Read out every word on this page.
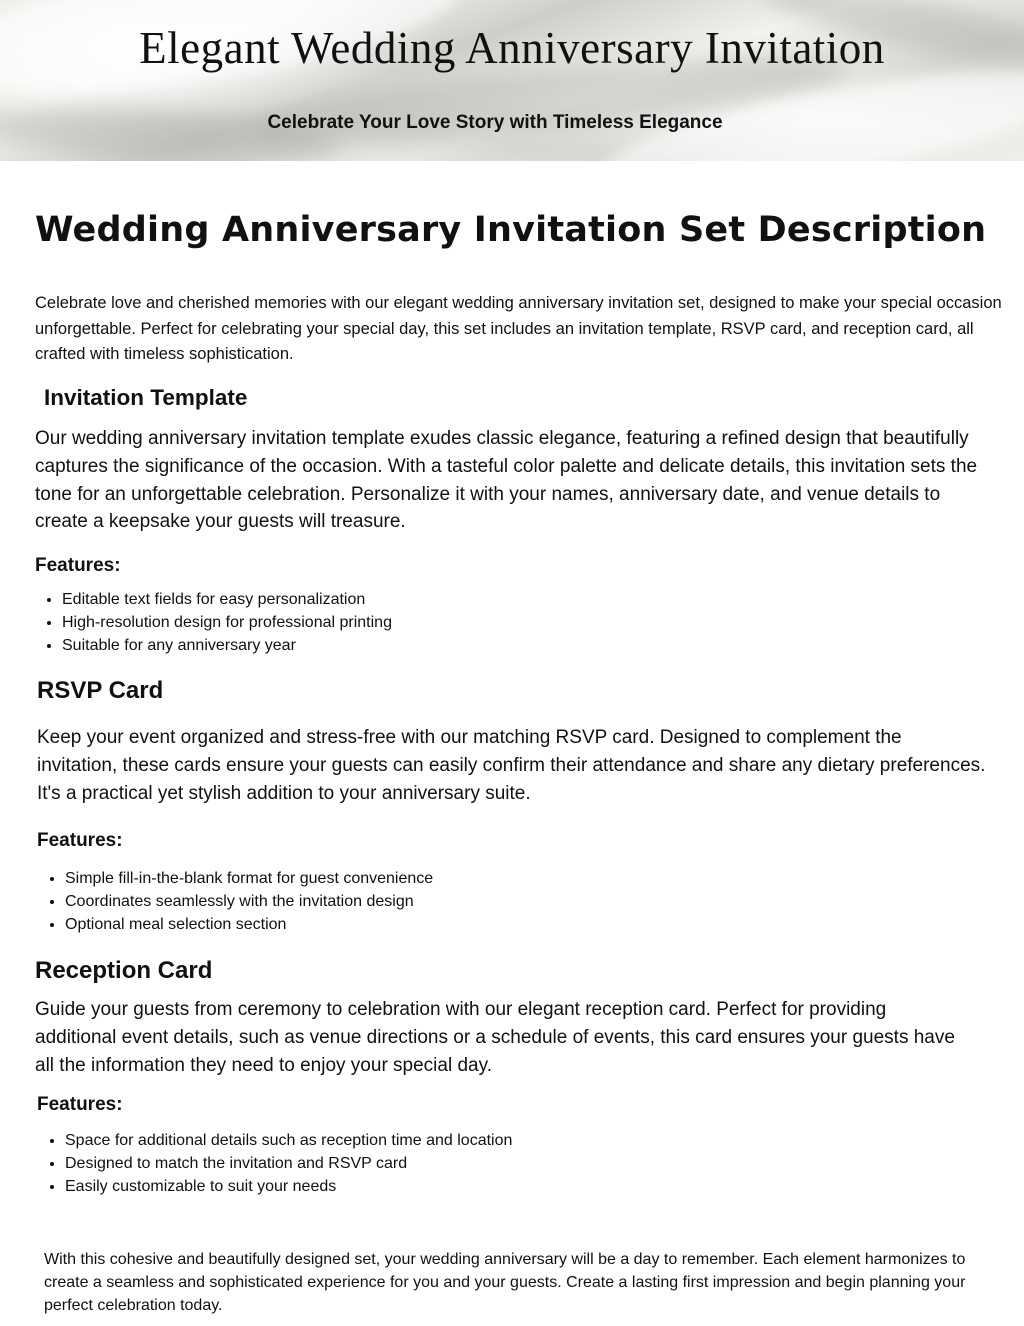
Elegant Wedding Anniversary Invitation

Celebrate Your Love Story with Timeless Elegance

Wedding Anniversary Invitation Set Description

Celebrate love and cherished memories with our elegant wedding anniversary invitation set, designed to make your special occasion unforgettable. Perfect for celebrating your special day, this set includes an invitation template, RSVP card, and reception card, all crafted with timeless sophistication.

Invitation Template

Our wedding anniversary invitation template exudes classic elegance, featuring a refined design that beautifully captures the significance of the occasion. With a tasteful color palette and delicate details, this invitation sets the tone for an unforgettable celebration. Personalize it with your names, anniversary date, and venue details to create a keepsake your guests will treasure.

Features:

• Editable text fields for easy personalization
• High-resolution design for professional printing
• Suitable for any anniversary year
RSVP Card

Keep your event organized and stress-free with our matching RSVP card. Designed to complement the invitation, these cards ensure your guests can easily confirm their attendance and share any dietary preferences. It's a practical yet stylish addition to your anniversary suite.

Features:

• Simple fill-in-the-blank format for guest convenience
• Coordinates seamlessly with the invitation design
• Optional meal selection section
Reception Card

Guide your guests from ceremony to celebration with our elegant reception card. Perfect for providing additional event details, such as venue directions or a schedule of events, this card ensures your guests have all the information they need to enjoy your special day.

Features:

• Space for additional details such as reception time and location
• Designed to match the invitation and RSVP card
• Easily customizable to suit your needs

With this cohesive and beautifully designed set, your wedding anniversary will be a day to remember. Each element harmonizes to create a seamless and sophisticated experience for you and your guests. Create a lasting first impression and begin planning your perfect celebration today.
